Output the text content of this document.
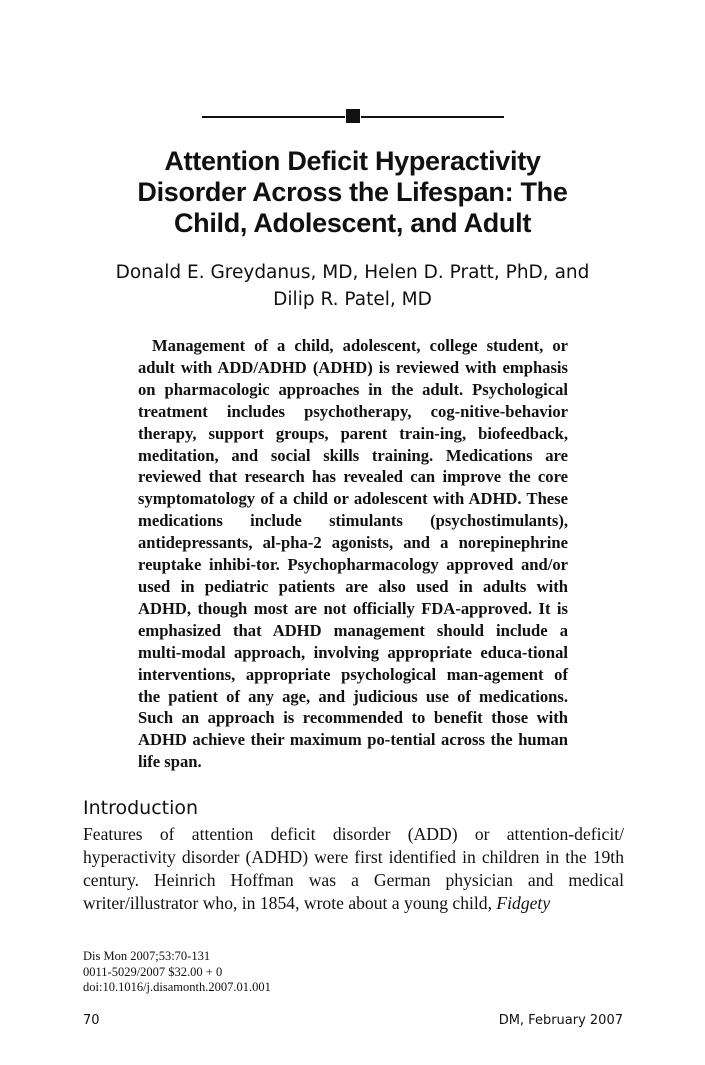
Attention Deficit Hyperactivity
Disorder Across the Lifespan: The
Child, Adolescent, and Adult

Donald E. Greydanus, MD, Helen D. Pratt, PhD, and
Dilip R. Patel, MD

Management of a child, adolescent, college student, or adult with ADD/ADHD (ADHD) is reviewed with emphasis on pharmacologic approaches in the adult. Psychological treatment includes psychotherapy, cog-nitive-behavior therapy, support groups, parent train-ing, biofeedback, meditation, and social skills training. Medications are reviewed that research has revealed can improve the core symptomatology of a child or adolescent with ADHD. These medications include stimulants (psychostimulants), antidepressants, al-pha-2 agonists, and a norepinephrine reuptake inhibi-tor. Psychopharmacology approved and/or used in pediatric patients are also used in adults with ADHD, though most are not officially FDA-approved. It is emphasized that ADHD management should include a multi-modal approach, involving appropriate educa-tional interventions, appropriate psychological man-agement of the patient of any age, and judicious use of medications. Such an approach is recommended to benefit those with ADHD achieve their maximum po-tential across the human life span.

Introduction

Features of attention deficit disorder (ADD) or attention-deficit/ hyperactivity disorder (ADHD) were first identified in children in the 19th century. Heinrich Hoffman was a German physician and medical writer/illustrator who, in 1854, wrote about a young child, Fidgety

Dis Mon 2007;53:70-131
0011-5029/2007 $32.00 + 0
doi:10.1016/j.disamonth.2007.01.001

70	DM, February 2007
